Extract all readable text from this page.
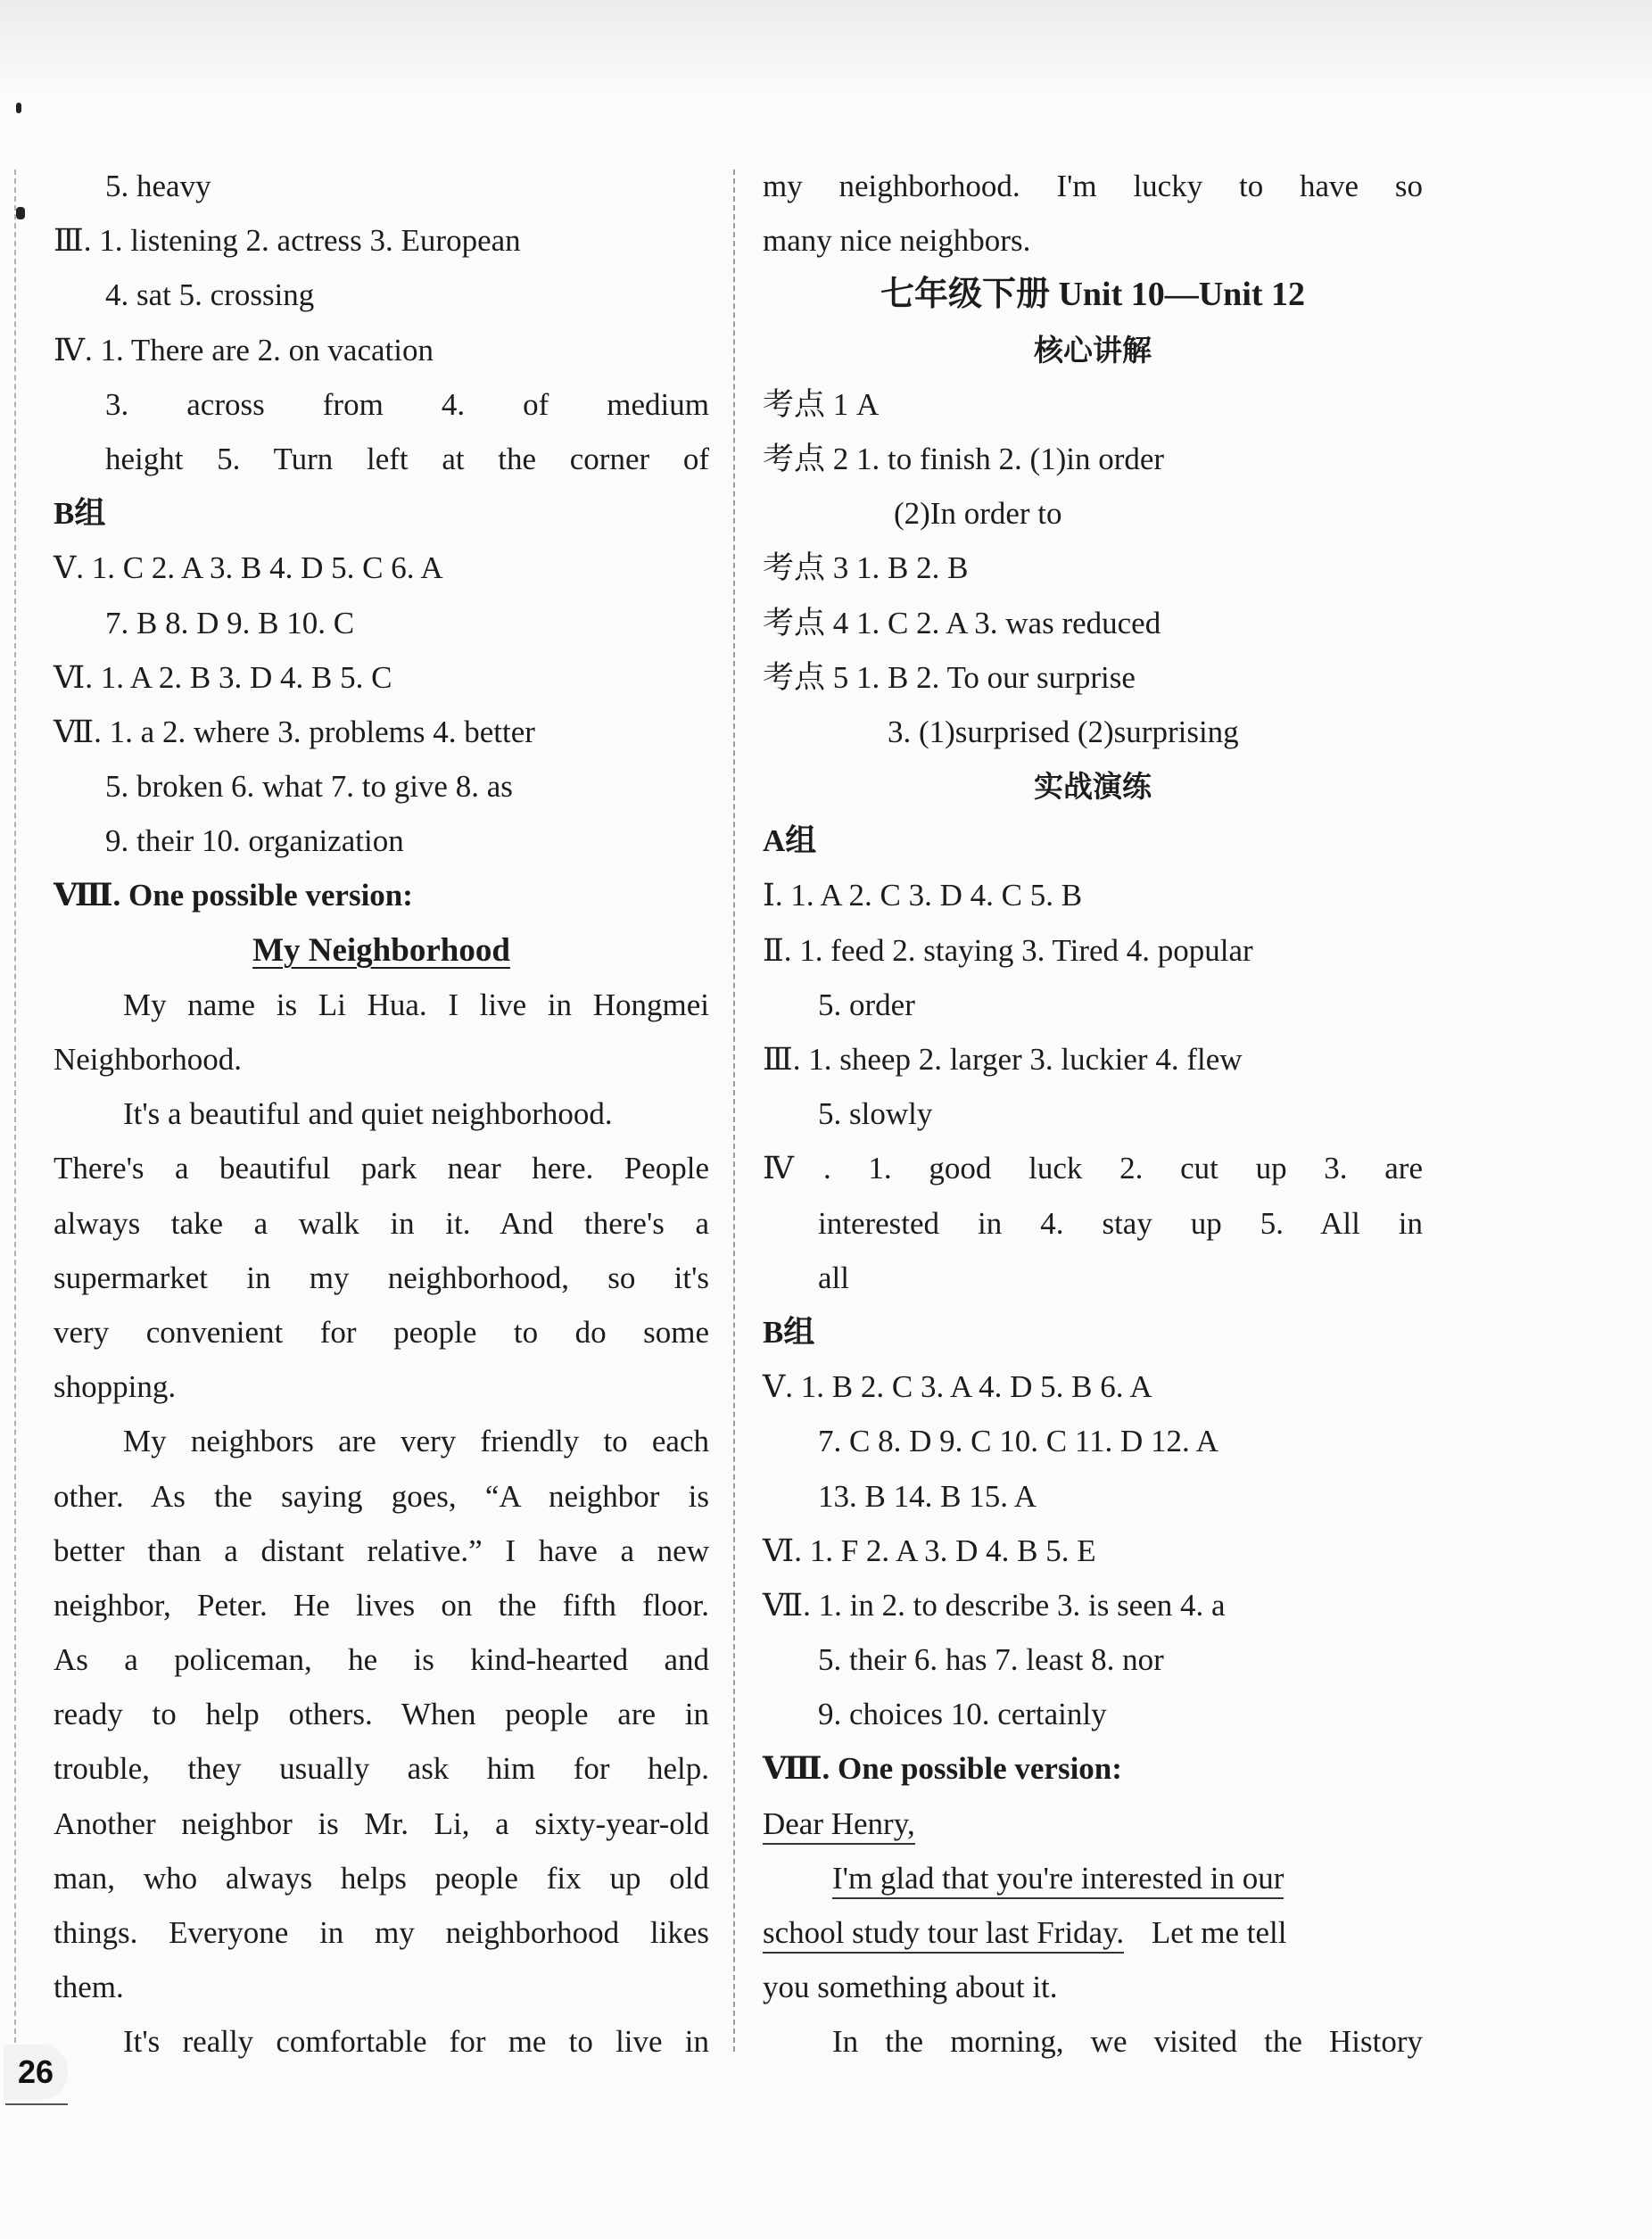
5. heavy
Ⅲ. 1. listening 2. actress 3. European
4. sat 5. crossing
Ⅳ. 1. There are 2. on vacation
3. across from 4. of medium
height 5. Turn left at the corner of
B组
Ⅴ. 1. C 2. A 3. B 4. D 5. C 6. A
7. B 8. D 9. B 10. C
Ⅵ. 1. A 2. B 3. D 4. B 5. C
Ⅶ. 1. a 2. where 3. problems 4. better
5. broken 6. what 7. to give 8. as
9. their 10. organization
Ⅷ. One possible version:
My Neighborhood
My name is Li Hua. I live in Hongmei
Neighborhood.
It's a beautiful and quiet neighborhood.
There's a beautiful park near here. People
always take a walk in it. And there's a
supermarket in my neighborhood, so it's
very convenient for people to do some
shopping.
My neighbors are very friendly to each
other. As the saying goes, “A neighbor is
better than a distant relative.” I have a new
neighbor, Peter. He lives on the fifth floor.
As a policeman, he is kind-hearted and
ready to help others. When people are in
trouble, they usually ask him for help.
Another neighbor is Mr. Li, a sixty-year-old
man, who always helps people fix up old
things. Everyone in my neighborhood likes
them.
It's really comfortable for me to live in
my neighborhood. I'm lucky to have so
many nice neighbors.
七年级下册 Unit 10—Unit 12
核心讲解
考点 1 A
考点 2 1. to finish 2. (1)in order
(2)In order to
考点 3 1. B 2. B
考点 4 1. C 2. A 3. was reduced
考点 5 1. B 2. To our surprise
3. (1)surprised (2)surprising
实战演练
A组
Ⅰ. 1. A 2. C 3. D 4. C 5. B
Ⅱ. 1. feed 2. staying 3. Tired 4. popular
5. order
Ⅲ. 1. sheep 2. larger 3. luckier 4. flew
5. slowly
Ⅳ. 1. good luck 2. cut up 3. are
interested in 4. stay up 5. All in
all
B组
Ⅴ. 1. B 2. C 3. A 4. D 5. B 6. A
7. C 8. D 9. C 10. C 11. D 12. A
13. B 14. B 15. A
Ⅵ. 1. F 2. A 3. D 4. B 5. E
Ⅶ. 1. in 2. to describe 3. is seen 4. a
5. their 6. has 7. least 8. nor
9. choices 10. certainly
Ⅷ. One possible version:
Dear Henry,
I'm glad that you're interested in our
school study tour last Friday. Let me tell
you something about it.
In the morning, we visited the History
26
